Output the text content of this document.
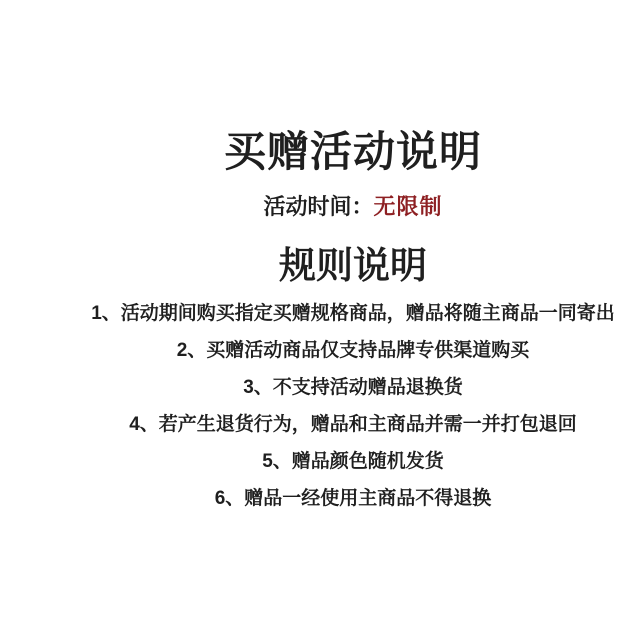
买赠活动说明
活动时间：无限制
规则说明
1、活动期间购买指定买赠规格商品，赠品将随主商品一同寄出
2、买赠活动商品仅支持品牌专供渠道购买
3、不支持活动赠品退换货
4、若产生退货行为，赠品和主商品并需一并打包退回
5、赠品颜色随机发货
6、赠品一经使用主商品不得退换
